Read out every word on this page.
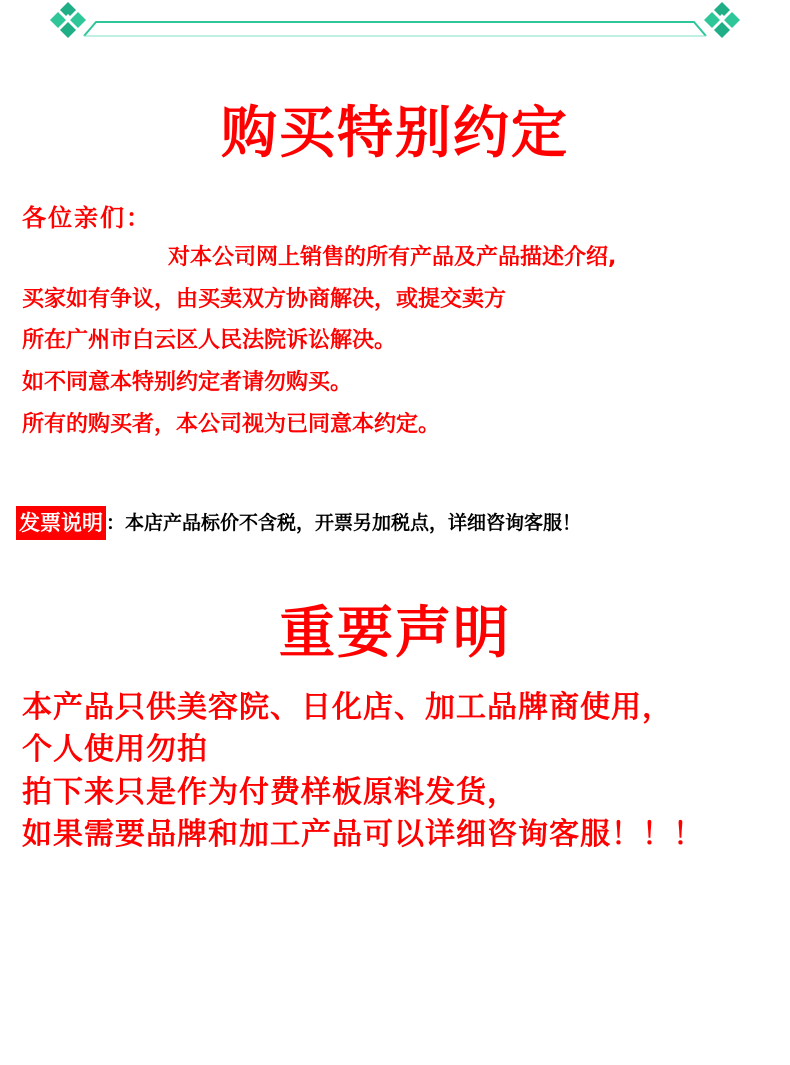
购买特别约定

各位亲们：

对本公司网上销售的所有产品及产品描述介绍,

买家如有争议，由买卖双方协商解决，或提交卖方

所在广州市白云区人民法院诉讼解决。

如不同意本特别约定者请勿购买。

所有的购买者，本公司视为已同意本约定。

发票说明 ：本店产品标价不含税，开票另加税点，详细咨询客服！
重要声明

本产品只供美容院、日化店、加工品牌商使用，

个人使用勿拍

拍下来只是作为付费样板原料发货，

如果需要品牌和加工产品可以详细咨询客服！！！
